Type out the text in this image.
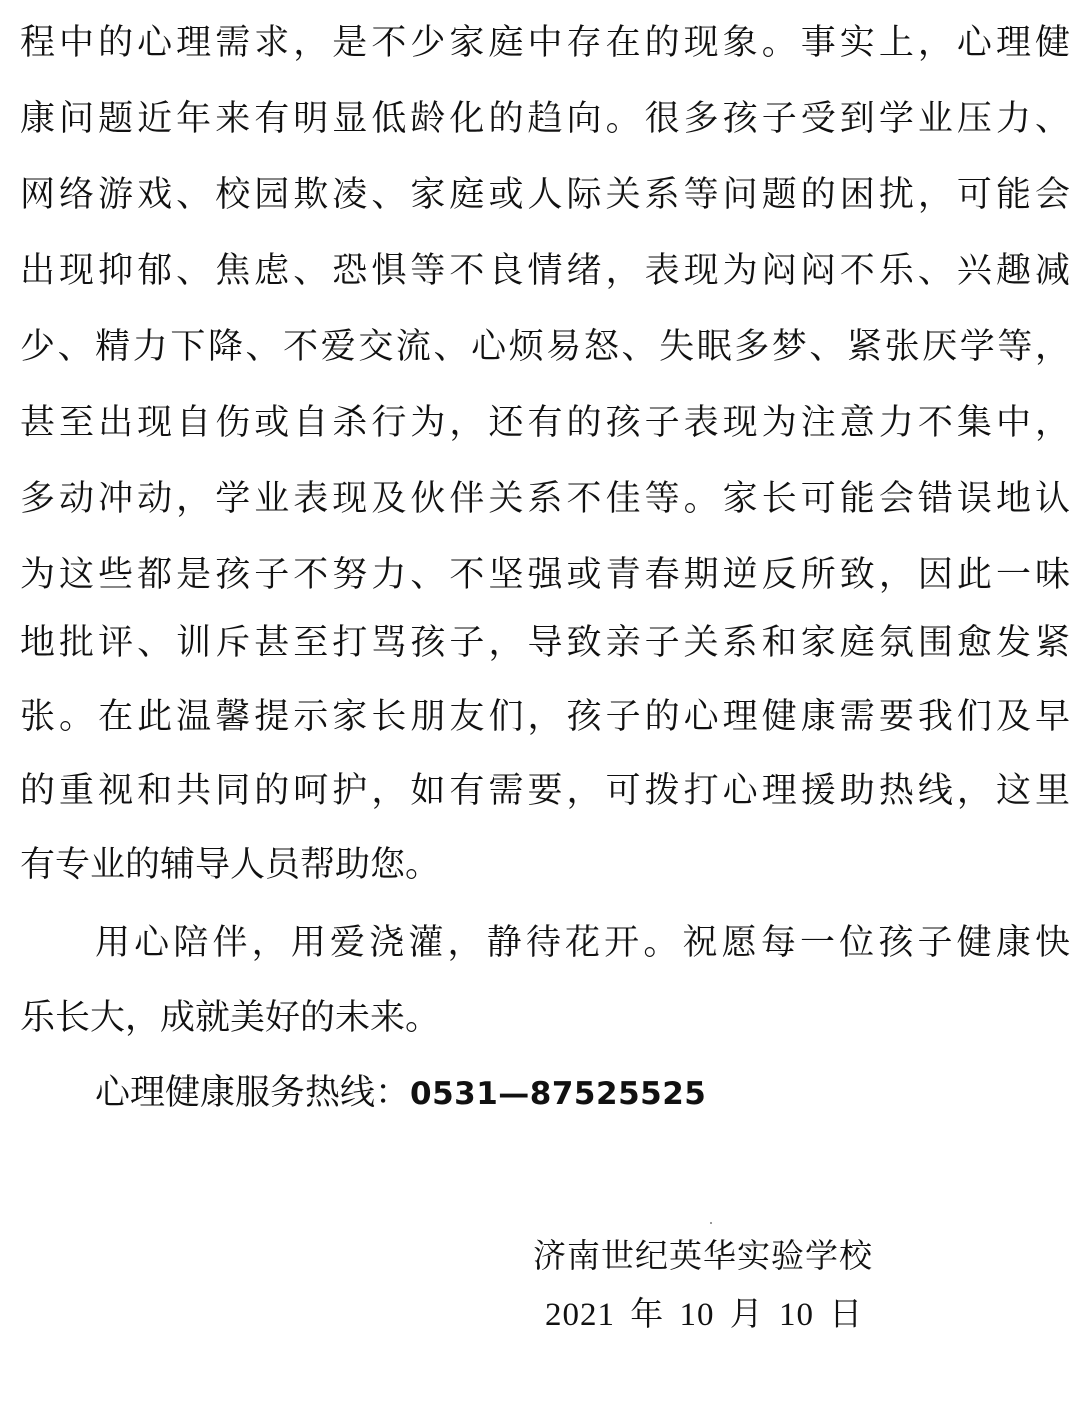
程中的心理需求，是不少家庭中存在的现象。事实上，心理健
康问题近年来有明显低龄化的趋向。很多孩子受到学业压力、
网络游戏、校园欺凌、家庭或人际关系等问题的困扰，可能会
出现抑郁、焦虑、恐惧等不良情绪，表现为闷闷不乐、兴趣减
少、精力下降、不爱交流、心烦易怒、失眠多梦、紧张厌学等，
甚至出现自伤或自杀行为，还有的孩子表现为注意力不集中，
多动冲动，学业表现及伙伴关系不佳等。家长可能会错误地认
为这些都是孩子不努力、不坚强或青春期逆反所致，因此一味
地批评、训斥甚至打骂孩子，导致亲子关系和家庭氛围愈发紧
张。在此温馨提示家长朋友们，孩子的心理健康需要我们及早
的重视和共同的呵护，如有需要，可拨打心理援助热线，这里
有专业的辅导人员帮助您。
用心陪伴，用爱浇灌，静待花开。祝愿每一位孩子健康快
乐长大，成就美好的未来。
心理健康服务热线：0531—87525525
济南世纪英华实验学校
2021 年 10 月 10 日
